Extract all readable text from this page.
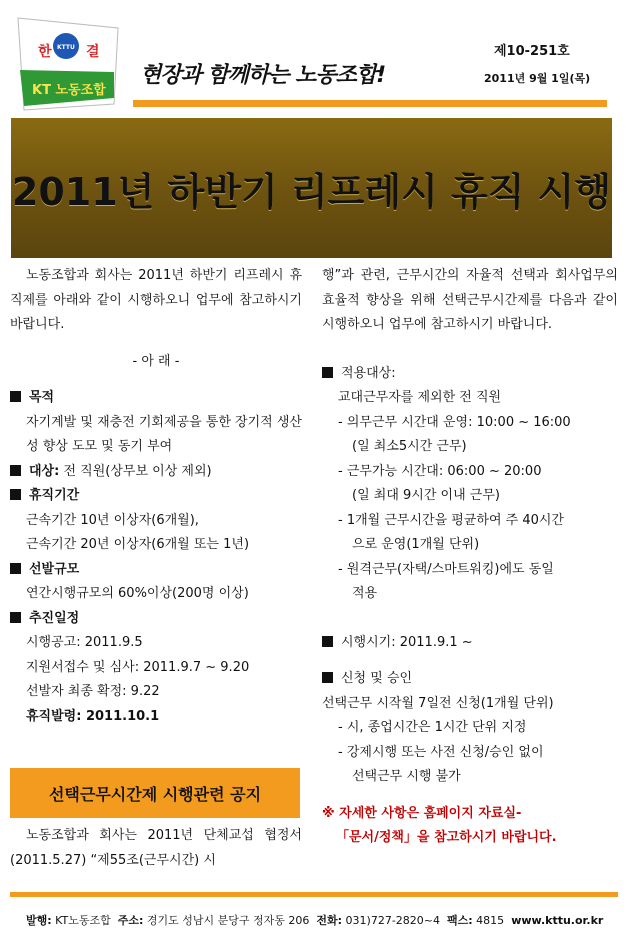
한 결
KTTU
KT 노동조합
현장과 함께하는 노동조합!
제10-251호
2011년 9월 1일(목)
2011년 하반기 리프레시 휴직 시행

노동조합과 회사는 2011년 하반기 리프레시 휴직제를 아래와 같이 시행하오니 업무에 참고하시기 바랍니다.

- 아 래 -

목적

자기계발 및 재충전 기회제공을 통한 장기적 생산성 향상 도모 및 동기 부여

대상: 전 직원(상무보 이상 제외)

휴직기간

근속기간 10년 이상자(6개월),

근속기간 20년 이상자(6개월 또는 1년)

선발규모

연간시행규모의 60%이상(200명 이상)

추진일정

시행공고: 2011.9.5

지원서접수 및 심사: 2011.9.7 ~ 9.20

선발자 최종 확정: 9.22

휴직발령: 2011.10.1

선택근무시간제 시행관련 공지

노동조합과 회사는 2011년 단체교섭 협정서(2011.5.27) “제55조(근무시간) 시

행”과 관련, 근무시간의 자율적 선택과 회사업무의 효율적 향상을 위해 선택근무시간제를 다음과 같이 시행하오니 업무에 참고하시기 바랍니다.

적용대상:

교대근무자를 제외한 전 직원

- 의무근무 시간대 운영: 10:00 ~ 16:00

(일 최소5시간 근무)

- 근무가능 시간대: 06:00 ~ 20:00

(일 최대 9시간 이내 근무)

- 1개월 근무시간을 평균하여 주 40시간

으로 운영(1개월 단위)

- 원격근무(자택/스마트워킹)에도 동일

적용

시행시기: 2011.9.1 ~

신청 및 승인

선택근무 시작월 7일전 신청(1개월 단위)

- 시, 종업시간은 1시간 단위 지정

- 강제시행 또는 사전 신청/승인 없이

선택근무 시행 불가

※ 자세한 사항은 홈페이지 자료실-

「문서/정책」을 참고하시기 바랍니다.

발행: KT노동조합 주소: 경기도 성남시 분당구 정자동 206 전화: 031)727-2820~4 팩스: 4815 www.kttu.or.kr
